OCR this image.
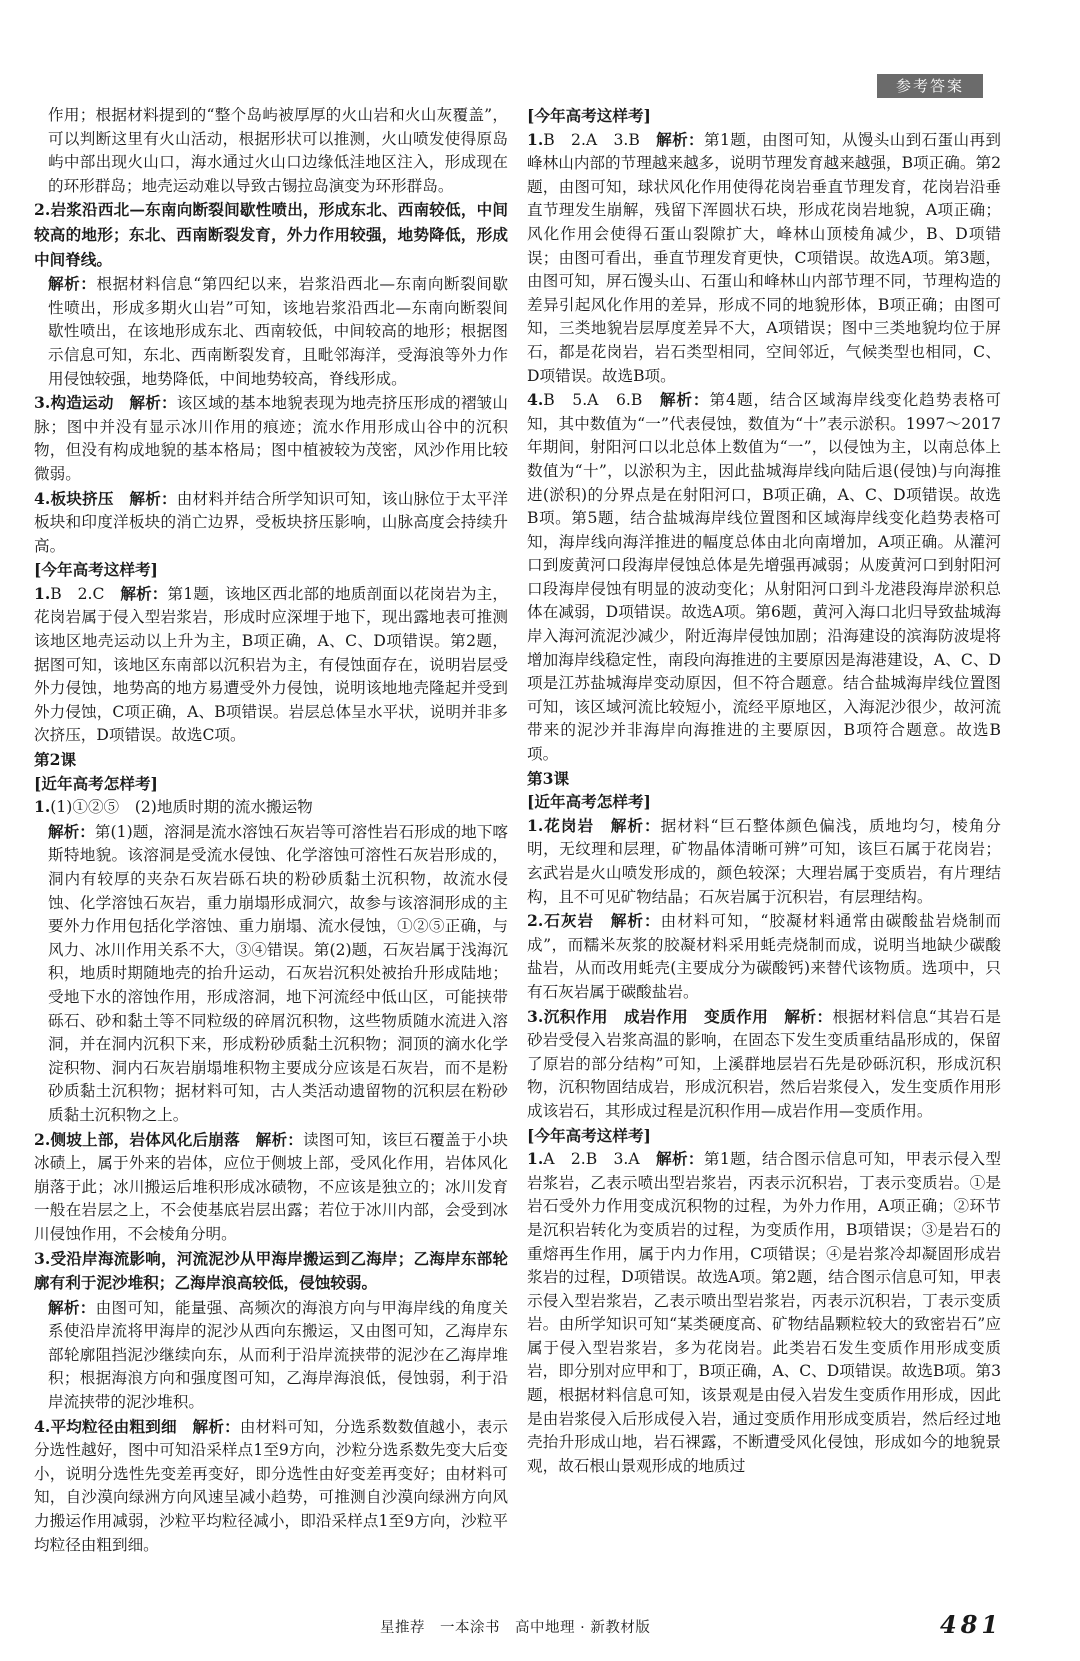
参考答案

作用；根据材料提到的“整个岛屿被厚厚的火山岩和火山灰覆盖”，可以判断这里有火山活动，根据形状可以推测，火山喷发使得原岛屿中部出现火山口，海水通过火山口边缘低洼地区注入，形成现在的环形群岛；地壳运动难以导致古锡拉岛演变为环形群岛。

2.岩浆沿西北—东南向断裂间歇性喷出，形成东北、西南较低，中间较高的地形；东北、西南断裂发育，外力作用较强，地势降低，形成中间脊线。

解析：根据材料信息“第四纪以来，岩浆沿西北—东南向断裂间歇性喷出，形成多期火山岩”可知，该地岩浆沿西北—东南向断裂间歇性喷出，在该地形成东北、西南较低，中间较高的地形；根据图示信息可知，东北、西南断裂发育，且毗邻海洋，受海浪等外力作用侵蚀较强，地势降低，中间地势较高，脊线形成。

3.构造运动　 解析：该区域的基本地貌表现为地壳挤压形成的褶皱山脉；图中并没有显示冰川作用的痕迹；流水作用形成山谷中的沉积物，但没有构成地貌的基本格局；图中植被较为茂密，风沙作用比较微弱。

4.板块挤压　 解析：由材料并结合所学知识可知，该山脉位于太平洋板块和印度洋板块的消亡边界，受板块挤压影响，山脉高度会持续升高。

[今年高考这样考]

1.B　2.C　 解析：第1题，该地区西北部的地质剖面以花岗岩为主，花岗岩属于侵入型岩浆岩，形成时应深埋于地下，现出露地表可推测该地区地壳运动以上升为主，B项正确，A、C、D项错误。第2题，据图可知，该地区东南部以沉积岩为主，有侵蚀面存在，说明岩层受外力侵蚀，地势高的地方易遭受外力侵蚀，说明该地地壳隆起并受到外力侵蚀，C项正确，A、B项错误。岩层总体呈水平状，说明并非多次挤压，D项错误。故选C项。

第2课

[近年高考怎样考]

1.(1)①②⑤　(2)地质时期的流水搬运物

解析：第(1)题，溶洞是流水溶蚀石灰岩等可溶性岩石形成的地下喀斯特地貌。该溶洞是受流水侵蚀、化学溶蚀可溶性石灰岩形成的，洞内有较厚的夹杂石灰岩砾石块的粉砂质黏土沉积物，故流水侵蚀、化学溶蚀石灰岩，重力崩塌形成洞穴，故参与该溶洞形成的主要外力作用包括化学溶蚀、重力崩塌、流水侵蚀，①②⑤正确，与风力、冰川作用关系不大，③④错误。第(2)题，石灰岩属于浅海沉积，地质时期随地壳的抬升运动，石灰岩沉积处被抬升形成陆地；受地下水的溶蚀作用，形成溶洞，地下河流经中低山区，可能挟带砾石、砂和黏土等不同粒级的碎屑沉积物，这些物质随水流进入溶洞，并在洞内沉积下来，形成粉砂质黏土沉积物；洞顶的滴水化学淀积物、洞内石灰岩崩塌堆积物主要成分应该是石灰岩，而不是粉砂质黏土沉积物；据材料可知，古人类活动遗留物的沉积层在粉砂质黏土沉积物之上。

2.侧坡上部，岩体风化后崩落　 解析：读图可知，该巨石覆盖于小块冰碛上，属于外来的岩体，应位于侧坡上部，受风化作用，岩体风化崩落于此；冰川搬运后堆积形成冰碛物，不应该是独立的；冰川发育一般在岩层之上，不会使基底岩层出露；若位于冰川内部，会受到冰川侵蚀作用，不会棱角分明。

3.受沿岸海流影响，河流泥沙从甲海岸搬运到乙海岸；乙海岸东部轮廓有利于泥沙堆积；乙海岸浪高较低，侵蚀较弱。

解析：由图可知，能量强、高频次的海浪方向与甲海岸线的角度关系使沿岸流将甲海岸的泥沙从西向东搬运，又由图可知，乙海岸东部轮廓阻挡泥沙继续向东，从而利于沿岸流挟带的泥沙在乙海岸堆积；根据海浪方向和强度图可知，乙海岸海浪低，侵蚀弱，利于沿岸流挟带的泥沙堆积。

4.平均粒径由粗到细　 解析：由材料可知，分选系数数值越小，表示分选性越好，图中可知沿采样点1至9方向，沙粒分选系数先变大后变小，说明分选性先变差再变好，即分选性由好变差再变好；由材料可知，自沙漠向绿洲方向风速呈减小趋势，可推测自沙漠向绿洲方向风力搬运作用减弱，沙粒平均粒径减小，即沿采样点1至9方向，沙粒平均粒径由粗到细。

[今年高考这样考]

1.B　2.A　3.B　 解析：第1题，由图可知，从馒头山到石蛋山再到峰林山内部的节理越来越多，说明节理发育越来越强，B项正确。第2题，由图可知，球状风化作用使得花岗岩垂直节理发育，花岗岩沿垂直节理发生崩解，残留下浑圆状石块，形成花岗岩地貌，A项正确；风化作用会使得石蛋山裂隙扩大，峰林山顶棱角减少，B、D项错误；由图可看出，垂直节理发育更快，C项错误。故选A项。第3题，由图可知，屏石馒头山、石蛋山和峰林山内部节理不同，节理构造的差异引起风化作用的差异，形成不同的地貌形体，B项正确；由图可知，三类地貌岩层厚度差异不大，A项错误；图中三类地貌均位于屏石，都是花岗岩，岩石类型相同，空间邻近，气候类型也相同，C、D项错误。故选B项。

4.B　5.A　6.B　 解析：第4题，结合区域海岸线变化趋势表格可知，其中数值为“一”代表侵蚀，数值为“十”表示淤积。1997～2017年期间，射阳河口以北总体上数值为“一”，以侵蚀为主，以南总体上数值为“十”，以淤积为主，因此盐城海岸线向陆后退(侵蚀)与向海推进(淤积)的分界点是在射阳河口，B项正确，A、C、D项错误。故选B项。第5题，结合盐城海岸线位置图和区域海岸线变化趋势表格可知，海岸线向海洋推进的幅度总体由北向南增加，A项正确。从灌河口到废黄河口段海岸侵蚀总体是先增强再减弱；从废黄河口到射阳河口段海岸侵蚀有明显的波动变化；从射阳河口到斗龙港段海岸淤积总体在减弱，D项错误。故选A项。第6题，黄河入海口北归导致盐城海岸入海河流泥沙减少，附近海岸侵蚀加剧；沿海建设的滨海防波堤将增加海岸线稳定性，南段向海推进的主要原因是海港建设，A、C、D项是江苏盐城海岸变动原因，但不符合题意。结合盐城海岸线位置图可知，该区域河流比较短小，流经平原地区，入海泥沙很少，故河流带来的泥沙并非海岸向海推进的主要原因，B项符合题意。故选B项。

第3课

[近年高考怎样考]

1.花岗岩　 解析：据材料“巨石整体颜色偏浅，质地均匀，棱角分明，无纹理和层理，矿物晶体清晰可辨”可知，该巨石属于花岗岩；玄武岩是火山喷发形成的，颜色较深；大理岩属于变质岩，有片理结构，且不可见矿物结晶；石灰岩属于沉积岩，有层理结构。

2.石灰岩　 解析：由材料可知，“胶凝材料通常由碳酸盐岩烧制而成”，而糯米灰浆的胶凝材料采用蚝壳烧制而成，说明当地缺少碳酸盐岩，从而改用蚝壳(主要成分为碳酸钙)来替代该物质。选项中，只有石灰岩属于碳酸盐岩。

3.沉积作用　成岩作用　变质作用　 解析：根据材料信息“其岩石是砂岩受侵入岩浆高温的影响，在固态下发生变质重结晶形成的，保留了原岩的部分结构”可知，上溪群地层岩石先是砂砾沉积，形成沉积物，沉积物固结成岩，形成沉积岩，然后岩浆侵入，发生变质作用形成该岩石，其形成过程是沉积作用—成岩作用—变质作用。

[今年高考这样考]

1.A　2.B　3.A　 解析：第1题，结合图示信息可知，甲表示侵入型岩浆岩，乙表示喷出型岩浆岩，丙表示沉积岩，丁表示变质岩。①是岩石受外力作用变成沉积物的过程，为外力作用，A项正确；②环节是沉积岩转化为变质岩的过程，为变质作用，B项错误；③是岩石的重熔再生作用，属于内力作用，C项错误；④是岩浆冷却凝固形成岩浆岩的过程，D项错误。故选A项。第2题，结合图示信息可知，甲表示侵入型岩浆岩，乙表示喷出型岩浆岩，丙表示沉积岩，丁表示变质岩。由所学知识可知“某类硬度高、矿物结晶颗粒较大的致密岩石”应属于侵入型岩浆岩，多为花岗岩。此类岩石发生变质作用形成变质岩，即分别对应甲和丁，B项正确，A、C、D项错误。故选B项。第3题，根据材料信息可知，该景观是由侵入岩发生变质作用形成，因此是由岩浆侵入后形成侵入岩，通过变质作用形成变质岩，然后经过地壳抬升形成山地，岩石裸露，不断遭受风化侵蚀，形成如今的地貌景观，故石根山景观形成的地质过

星推荐　一本涂书　高中地理 · 新教材版	481
